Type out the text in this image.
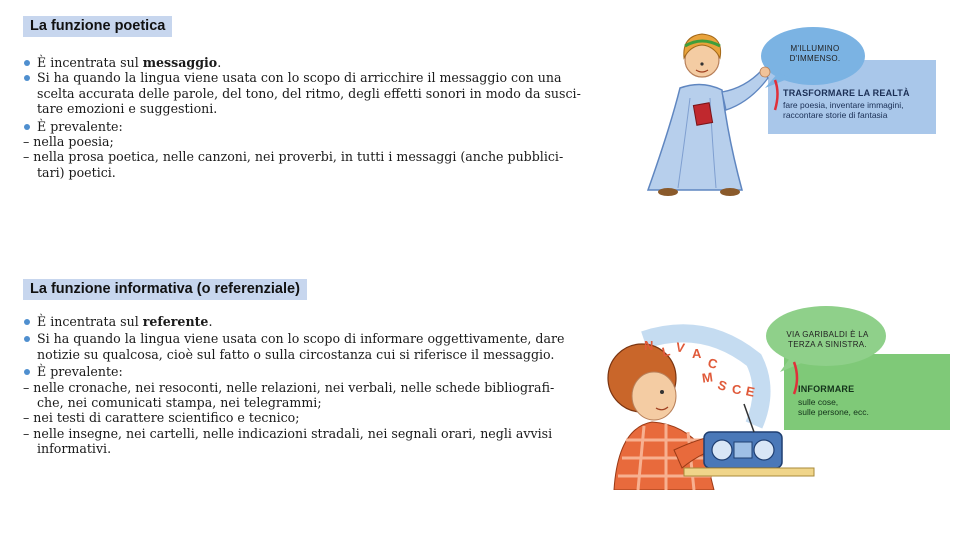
La funzione poetica
È incentrata sul messaggio.
Si ha quando la lingua viene usata con lo scopo di arricchire il messaggio con una
scelta accurata delle parole, del tono, del ritmo, degli effetti sonori in modo da susci-
tare emozioni e suggestioni.
È prevalente:
– nella poesia;
– nella prosa poetica, nelle canzoni, nei proverbi, in tutti i messaggi (anche pubblici-
tari) poetici.
M'ILLUMINO
D'IMMENSO.
TRASFORMARE LA REALTÀ
fare poesia, inventare immagini,
raccontare storie di fantasia
La funzione informativa (o referenziale)
È incentrata sul referente.
Si ha quando la lingua viene usata con lo scopo di informare oggettivamente, dare
notizie su qualcosa, cioè sul fatto o sulla circostanza cui si riferisce il messaggio.
È prevalente:
– nelle cronache, nei resoconti, nelle relazioni, nei verbali, nelle schede bibliografi-
che, nei comunicati stampa, nei telegrammi;
– nei testi di carattere scientifico e tecnico;
– nelle insegne, nei cartelli, nelle indicazioni stradali, nei segnali orari, negli avvisi
informativi.
N L V A
C
M S C E
VIA GARIBALDI È LA
TERZA A SINISTRA.
INFORMARE
sulle cose,
sulle persone, ecc.
